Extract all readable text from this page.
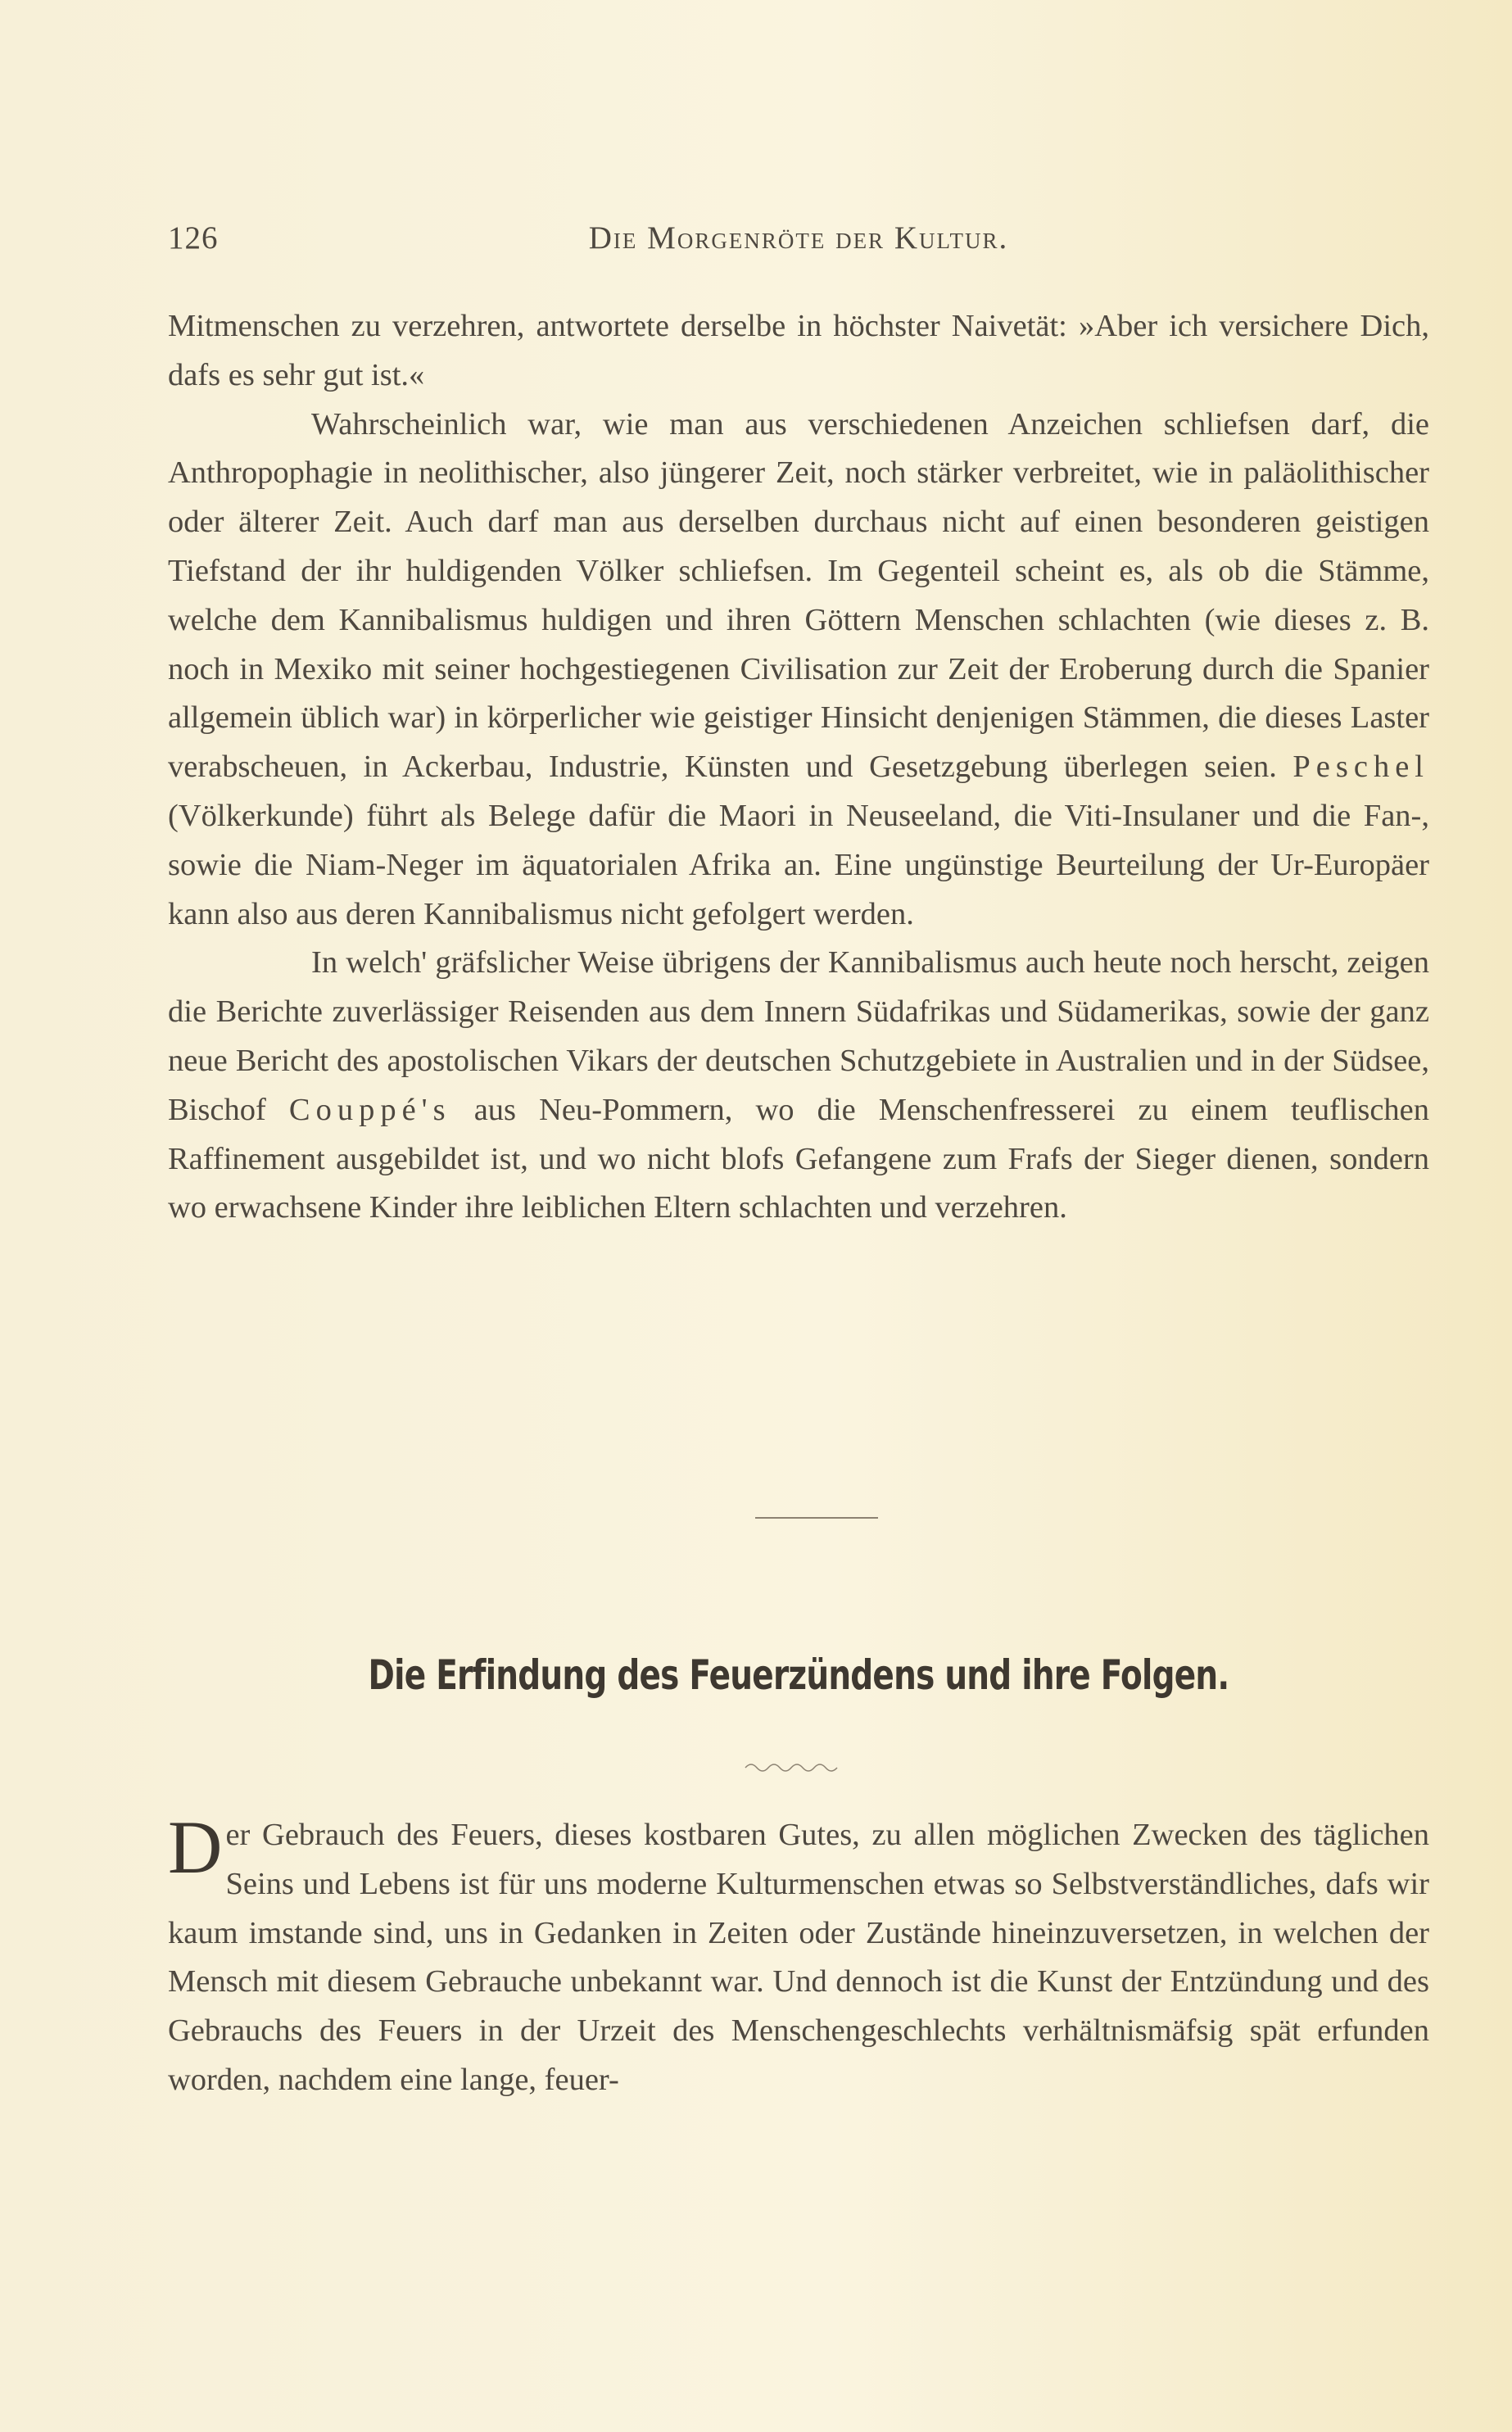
126	Die Morgenröte der Kultur.

Mitmenschen zu verzehren, antwortete derselbe in höchster Naivetät: »Aber ich versichere Dich, dafs es sehr gut ist.«

Wahrscheinlich war, wie man aus verschiedenen Anzeichen schliefsen darf, die Anthropophagie in neolithischer, also jüngerer Zeit, noch stärker verbreitet, wie in paläolithischer oder älterer Zeit. Auch darf man aus derselben durchaus nicht auf einen besonderen geistigen Tiefstand der ihr huldigenden Völker schliefsen. Im Gegenteil scheint es, als ob die Stämme, welche dem Kannibalismus huldigen und ihren Göttern Menschen schlachten (wie dieses z. B. noch in Mexiko mit seiner hochgestiegenen Civilisation zur Zeit der Eroberung durch die Spanier allgemein üblich war) in körperlicher wie geistiger Hinsicht denjenigen Stämmen, die dieses Laster verabscheuen, in Ackerbau, Industrie, Künsten und Gesetzgebung überlegen seien. Peschel (Völkerkunde) führt als Belege dafür die Maori in Neuseeland, die Viti-Insulaner und die Fan-, sowie die Niam-Neger im äquatorialen Afrika an. Eine ungünstige Beurteilung der Ur-Europäer kann also aus deren Kannibalismus nicht gefolgert werden.

In welch' gräfslicher Weise übrigens der Kannibalismus auch heute noch herscht, zeigen die Berichte zuverlässiger Reisenden aus dem Innern Südafrikas und Südamerikas, sowie der ganz neue Bericht des apostolischen Vikars der deutschen Schutzgebiete in Australien und in der Südsee, Bischof Couppé's aus Neu-Pommern, wo die Menschenfresserei zu einem teuflischen Raffinement ausgebildet ist, und wo nicht blofs Gefangene zum Frafs der Sieger dienen, sondern wo erwachsene Kinder ihre leiblichen Eltern schlachten und verzehren.

Die Erfindung des Feuerzündens und ihre Folgen.

Der Gebrauch des Feuers, dieses kostbaren Gutes, zu allen möglichen Zwecken des täglichen Seins und Lebens ist für uns moderne Kulturmenschen etwas so Selbstverständliches, dafs wir kaum imstande sind, uns in Gedanken in Zeiten oder Zustände hineinzuversetzen, in welchen der Mensch mit diesem Gebrauche unbekannt war. Und dennoch ist die Kunst der Entzündung und des Gebrauchs des Feuers in der Urzeit des Menschengeschlechts verhältnismäfsig spät erfunden worden, nachdem eine lange, feuer-
